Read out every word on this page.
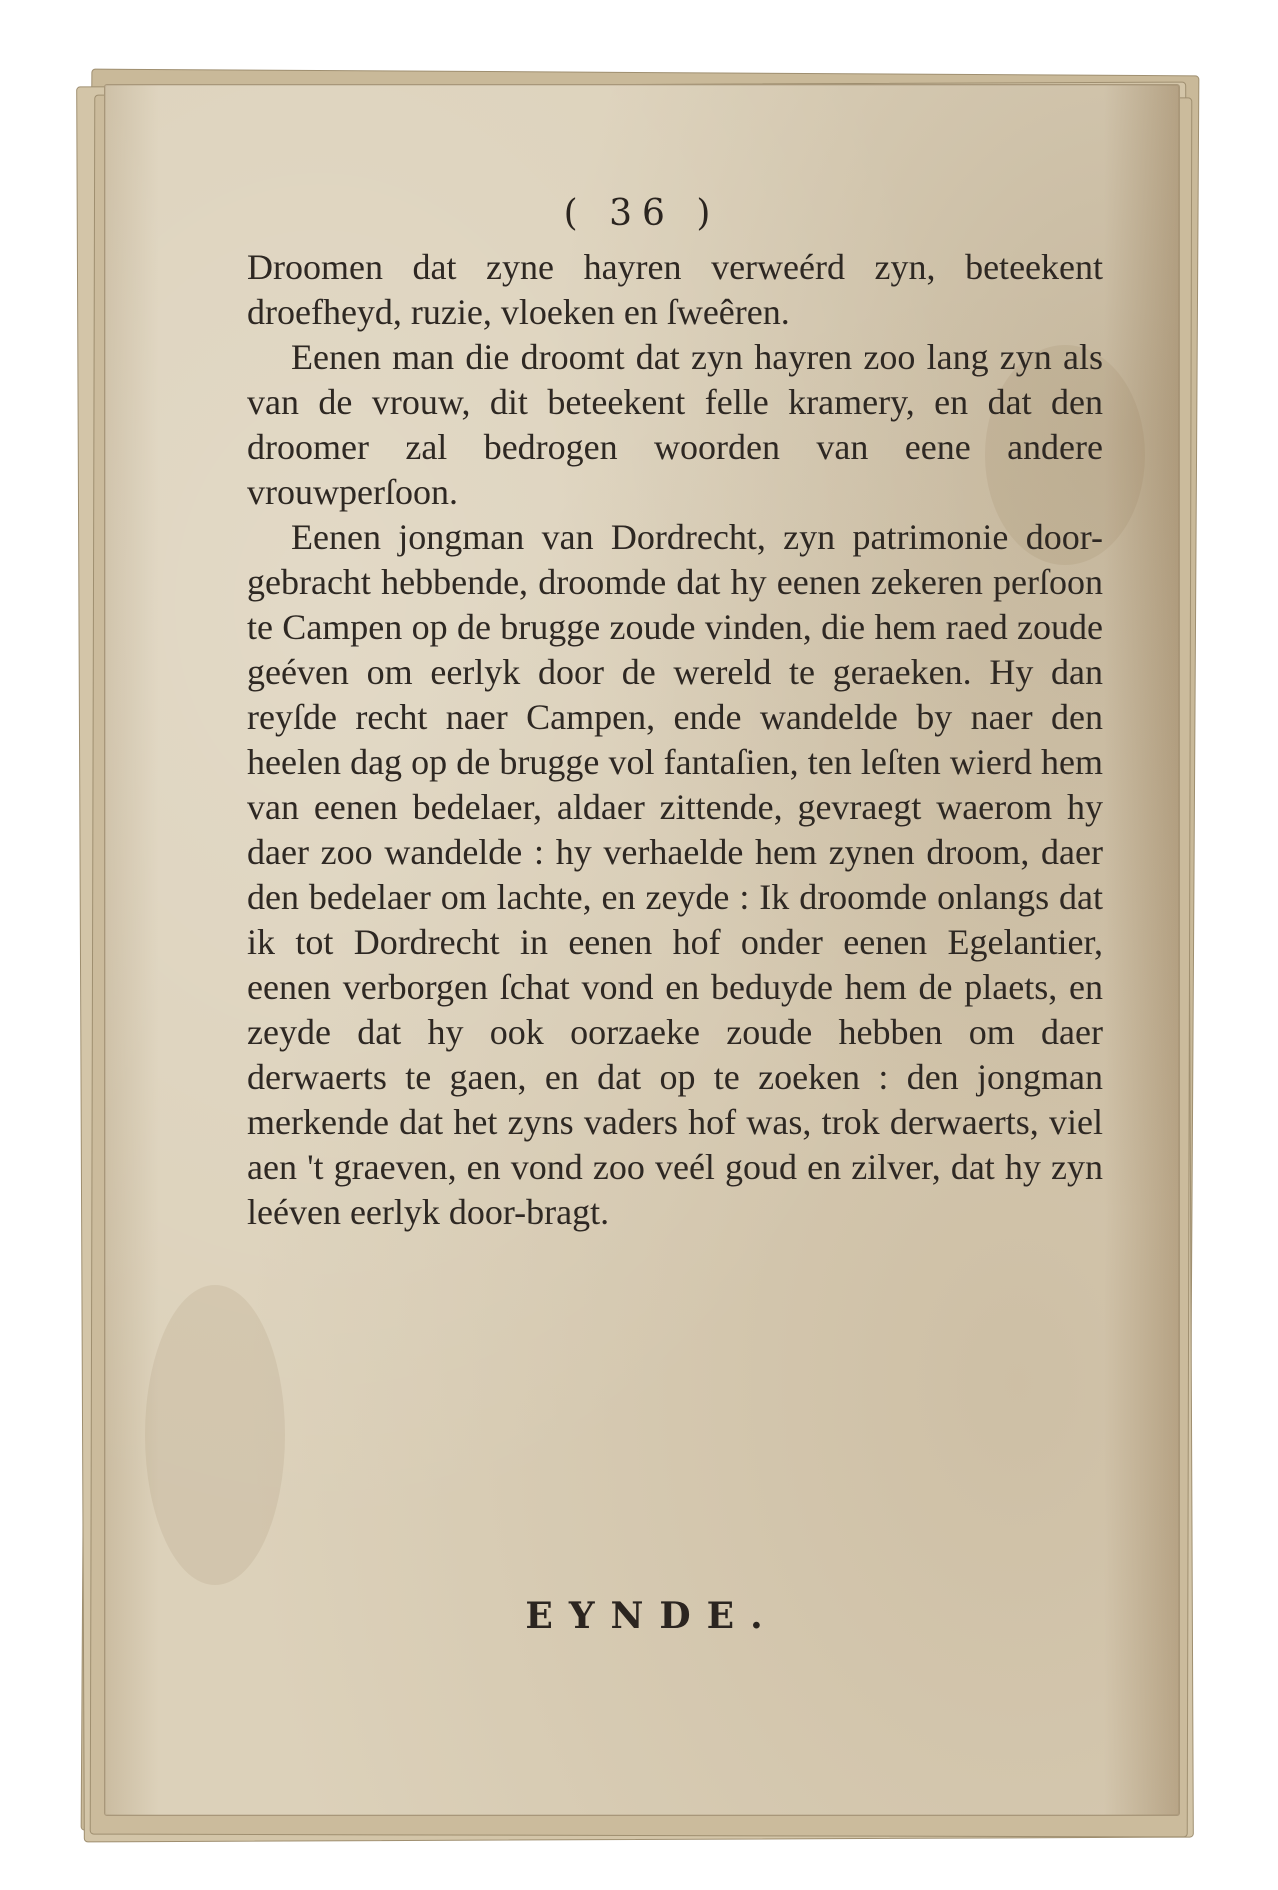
( 36 )

Droomen dat zyne hayren verweérd zyn, beteekent droefheyd, ruzie, vloeken en ſweêren.

Eenen man die droomt dat zyn hayren zoo lang zyn als van de vrouw, dit beteekent felle kramery, en dat den droomer zal bedrogen woorden van eene andere vrouwperſoon.

Eenen jongman van Dordrecht, zyn patrimonie door-gebracht hebbende, droomde dat hy eenen zekeren perſoon te Campen op de brugge zoude vinden, die hem raed zoude geéven om eerlyk door de wereld te geraeken. Hy dan reyſde recht naer Campen, ende wandelde by naer den heelen dag op de brugge vol fantaſien, ten leſten wierd hem van eenen bedelaer, aldaer zittende, gevraegt waerom hy daer zoo wandelde : hy verhaelde hem zynen droom, daer den bedelaer om lachte, en zeyde : Ik droomde onlangs dat ik tot Dordrecht in eenen hof onder eenen Egelantier, eenen verborgen ſchat vond en beduyde hem de plaets, en zeyde dat hy ook oorzaeke zoude hebben om daer derwaerts te gaen, en dat op te zoeken : den jongman merkende dat het zyns vaders hof was, trok derwaerts, viel aen 't graeven, en vond zoo veél goud en zilver, dat hy zyn leéven eerlyk door-bragt.

EYNDE.
